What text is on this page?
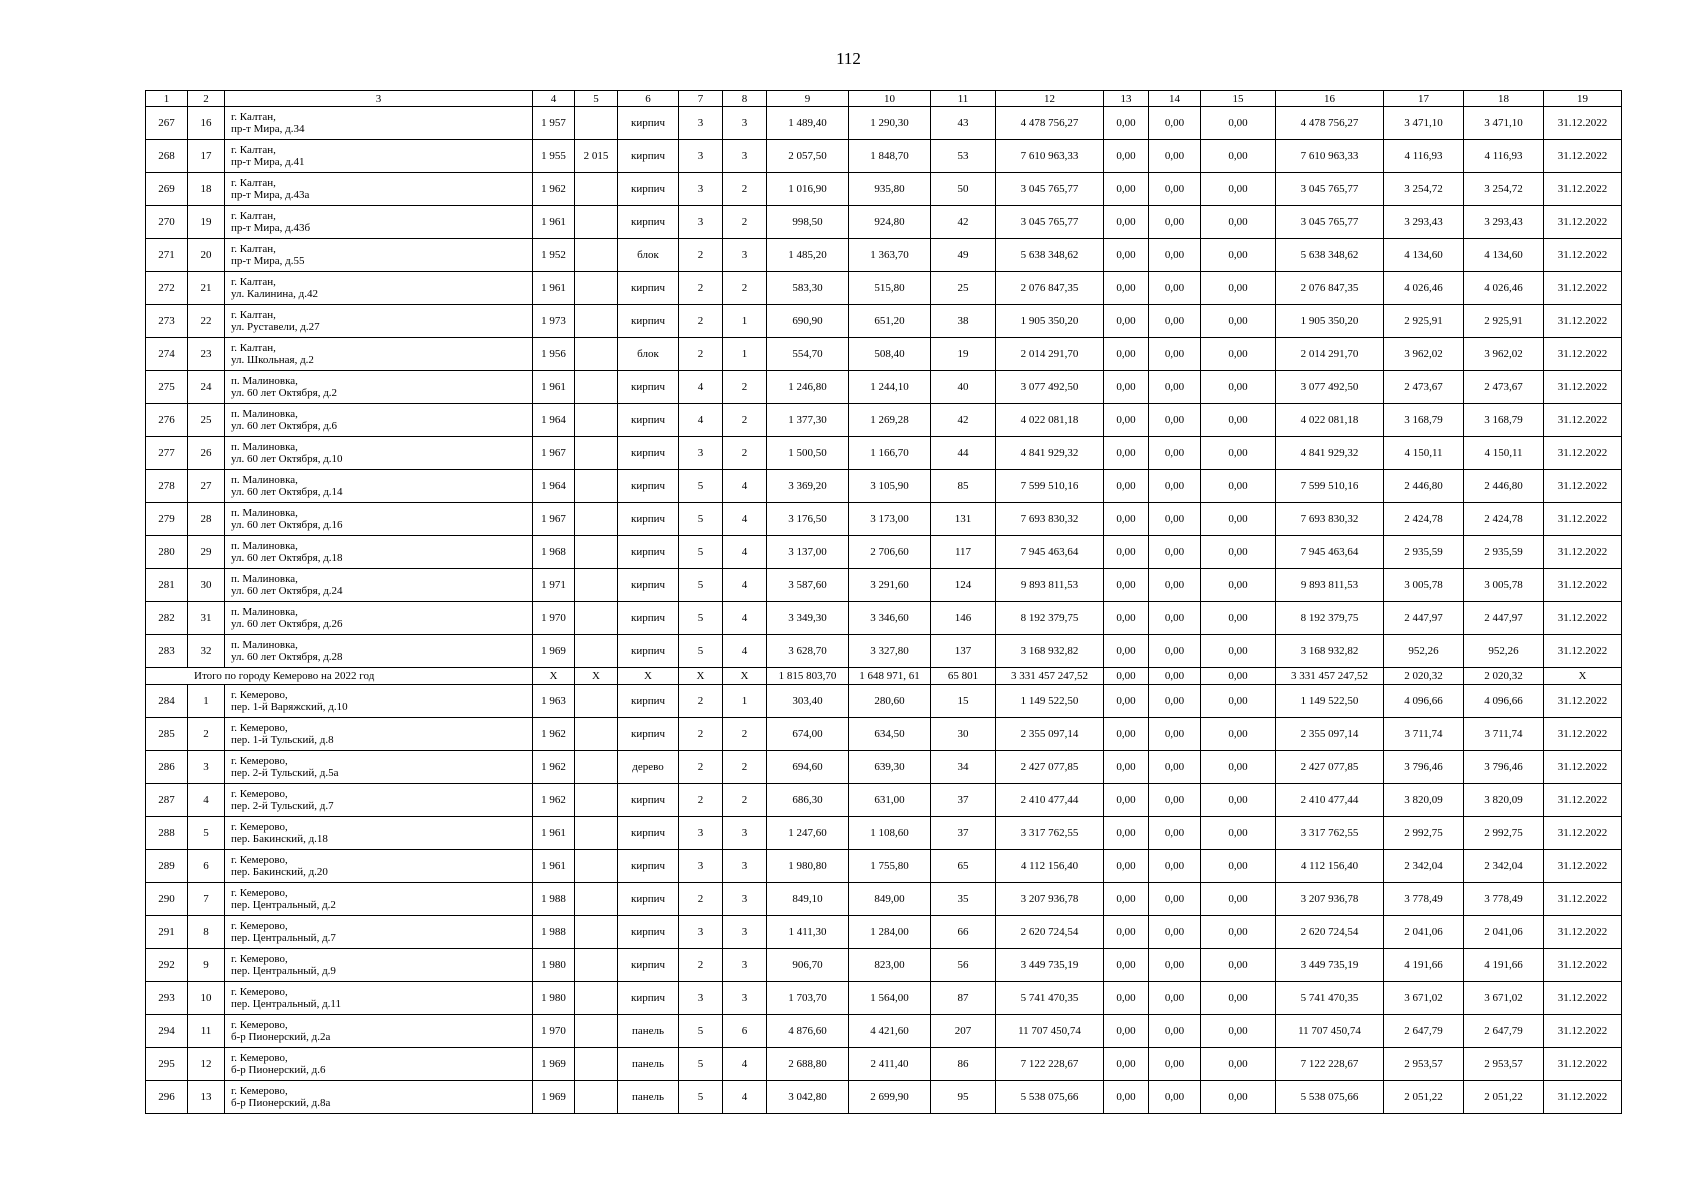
112
1	2	3	4	5	6	7	8	9	10	11	12	13	14	15	16	17	18	19
267	16	г. Калтан,
пр-т Мира, д.34	1 957		кирпич	3	3	1 489,40	1 290,30	43	4 478 756,27	0,00	0,00	0,00	4 478 756,27	3 471,10	3 471,10	31.12.2022
268	17	г. Калтан,
пр-т Мира, д.41	1 955	2 015	кирпич	3	3	2 057,50	1 848,70	53	7 610 963,33	0,00	0,00	0,00	7 610 963,33	4 116,93	4 116,93	31.12.2022
269	18	г. Калтан,
пр-т Мира, д.43а	1 962		кирпич	3	2	1 016,90	935,80	50	3 045 765,77	0,00	0,00	0,00	3 045 765,77	3 254,72	3 254,72	31.12.2022
270	19	г. Калтан,
пр-т Мира, д.43б	1 961		кирпич	3	2	998,50	924,80	42	3 045 765,77	0,00	0,00	0,00	3 045 765,77	3 293,43	3 293,43	31.12.2022
271	20	г. Калтан,
пр-т Мира, д.55	1 952		блок	2	3	1 485,20	1 363,70	49	5 638 348,62	0,00	0,00	0,00	5 638 348,62	4 134,60	4 134,60	31.12.2022
272	21	г. Калтан,
ул. Калинина, д.42	1 961		кирпич	2	2	583,30	515,80	25	2 076 847,35	0,00	0,00	0,00	2 076 847,35	4 026,46	4 026,46	31.12.2022
273	22	г. Калтан,
ул. Руставели, д.27	1 973		кирпич	2	1	690,90	651,20	38	1 905 350,20	0,00	0,00	0,00	1 905 350,20	2 925,91	2 925,91	31.12.2022
274	23	г. Калтан,
ул. Школьная, д.2	1 956		блок	2	1	554,70	508,40	19	2 014 291,70	0,00	0,00	0,00	2 014 291,70	3 962,02	3 962,02	31.12.2022
275	24	п. Малиновка,
ул. 60 лет Октября, д.2	1 961		кирпич	4	2	1 246,80	1 244,10	40	3 077 492,50	0,00	0,00	0,00	3 077 492,50	2 473,67	2 473,67	31.12.2022
276	25	п. Малиновка,
ул. 60 лет Октября, д.6	1 964		кирпич	4	2	1 377,30	1 269,28	42	4 022 081,18	0,00	0,00	0,00	4 022 081,18	3 168,79	3 168,79	31.12.2022
277	26	п. Малиновка,
ул. 60 лет Октября, д.10	1 967		кирпич	3	2	1 500,50	1 166,70	44	4 841 929,32	0,00	0,00	0,00	4 841 929,32	4 150,11	4 150,11	31.12.2022
278	27	п. Малиновка,
ул. 60 лет Октября, д.14	1 964		кирпич	5	4	3 369,20	3 105,90	85	7 599 510,16	0,00	0,00	0,00	7 599 510,16	2 446,80	2 446,80	31.12.2022
279	28	п. Малиновка,
ул. 60 лет Октября, д.16	1 967		кирпич	5	4	3 176,50	3 173,00	131	7 693 830,32	0,00	0,00	0,00	7 693 830,32	2 424,78	2 424,78	31.12.2022
280	29	п. Малиновка,
ул. 60 лет Октября, д.18	1 968		кирпич	5	4	3 137,00	2 706,60	117	7 945 463,64	0,00	0,00	0,00	7 945 463,64	2 935,59	2 935,59	31.12.2022
281	30	п. Малиновка,
ул. 60 лет Октября, д.24	1 971		кирпич	5	4	3 587,60	3 291,60	124	9 893 811,53	0,00	0,00	0,00	9 893 811,53	3 005,78	3 005,78	31.12.2022
282	31	п. Малиновка,
ул. 60 лет Октября, д.26	1 970		кирпич	5	4	3 349,30	3 346,60	146	8 192 379,75	0,00	0,00	0,00	8 192 379,75	2 447,97	2 447,97	31.12.2022
283	32	п. Малиновка,
ул. 60 лет Октября, д.28	1 969		кирпич	5	4	3 628,70	3 327,80	137	3 168 932,82	0,00	0,00	0,00	3 168 932,82	952,26	952,26	31.12.2022
Итого по городу Кемерово на 2022 год			X	X	X	X	X	1 815 803,70	1 648 971, 61	65 801	3 331 457 247,52	0,00	0,00	0,00	3 331 457 247,52	2 020,32	2 020,32	X
284	1	г. Кемерово,
пер. 1-й Варяжский, д.10	1 963		кирпич	2	1	303,40	280,60	15	1 149 522,50	0,00	0,00	0,00	1 149 522,50	4 096,66	4 096,66	31.12.2022
285	2	г. Кемерово,
пер. 1-й Тульский, д.8	1 962		кирпич	2	2	674,00	634,50	30	2 355 097,14	0,00	0,00	0,00	2 355 097,14	3 711,74	3 711,74	31.12.2022
286	3	г. Кемерово,
пер. 2-й Тульский, д.5а	1 962		дерево	2	2	694,60	639,30	34	2 427 077,85	0,00	0,00	0,00	2 427 077,85	3 796,46	3 796,46	31.12.2022
287	4	г. Кемерово,
пер. 2-й Тульский, д.7	1 962		кирпич	2	2	686,30	631,00	37	2 410 477,44	0,00	0,00	0,00	2 410 477,44	3 820,09	3 820,09	31.12.2022
288	5	г. Кемерово,
пер. Бакинский, д.18	1 961		кирпич	3	3	1 247,60	1 108,60	37	3 317 762,55	0,00	0,00	0,00	3 317 762,55	2 992,75	2 992,75	31.12.2022
289	6	г. Кемерово,
пер. Бакинский, д.20	1 961		кирпич	3	3	1 980,80	1 755,80	65	4 112 156,40	0,00	0,00	0,00	4 112 156,40	2 342,04	2 342,04	31.12.2022
290	7	г. Кемерово,
пер. Центральный, д.2	1 988		кирпич	2	3	849,10	849,00	35	3 207 936,78	0,00	0,00	0,00	3 207 936,78	3 778,49	3 778,49	31.12.2022
291	8	г. Кемерово,
пер. Центральный, д.7	1 988		кирпич	3	3	1 411,30	1 284,00	66	2 620 724,54	0,00	0,00	0,00	2 620 724,54	2 041,06	2 041,06	31.12.2022
292	9	г. Кемерово,
пер. Центральный, д.9	1 980		кирпич	2	3	906,70	823,00	56	3 449 735,19	0,00	0,00	0,00	3 449 735,19	4 191,66	4 191,66	31.12.2022
293	10	г. Кемерово,
пер. Центральный, д.11	1 980		кирпич	3	3	1 703,70	1 564,00	87	5 741 470,35	0,00	0,00	0,00	5 741 470,35	3 671,02	3 671,02	31.12.2022
294	11	г. Кемерово,
б-р Пионерский, д.2а	1 970		панель	5	6	4 876,60	4 421,60	207	11 707 450,74	0,00	0,00	0,00	11 707 450,74	2 647,79	2 647,79	31.12.2022
295	12	г. Кемерово,
б-р Пионерский, д.6	1 969		панель	5	4	2 688,80	2 411,40	86	7 122 228,67	0,00	0,00	0,00	7 122 228,67	2 953,57	2 953,57	31.12.2022
296	13	г. Кемерово,
б-р Пионерский, д.8а	1 969		панель	5	4	3 042,80	2 699,90	95	5 538 075,66	0,00	0,00	0,00	5 538 075,66	2 051,22	2 051,22	31.12.2022
